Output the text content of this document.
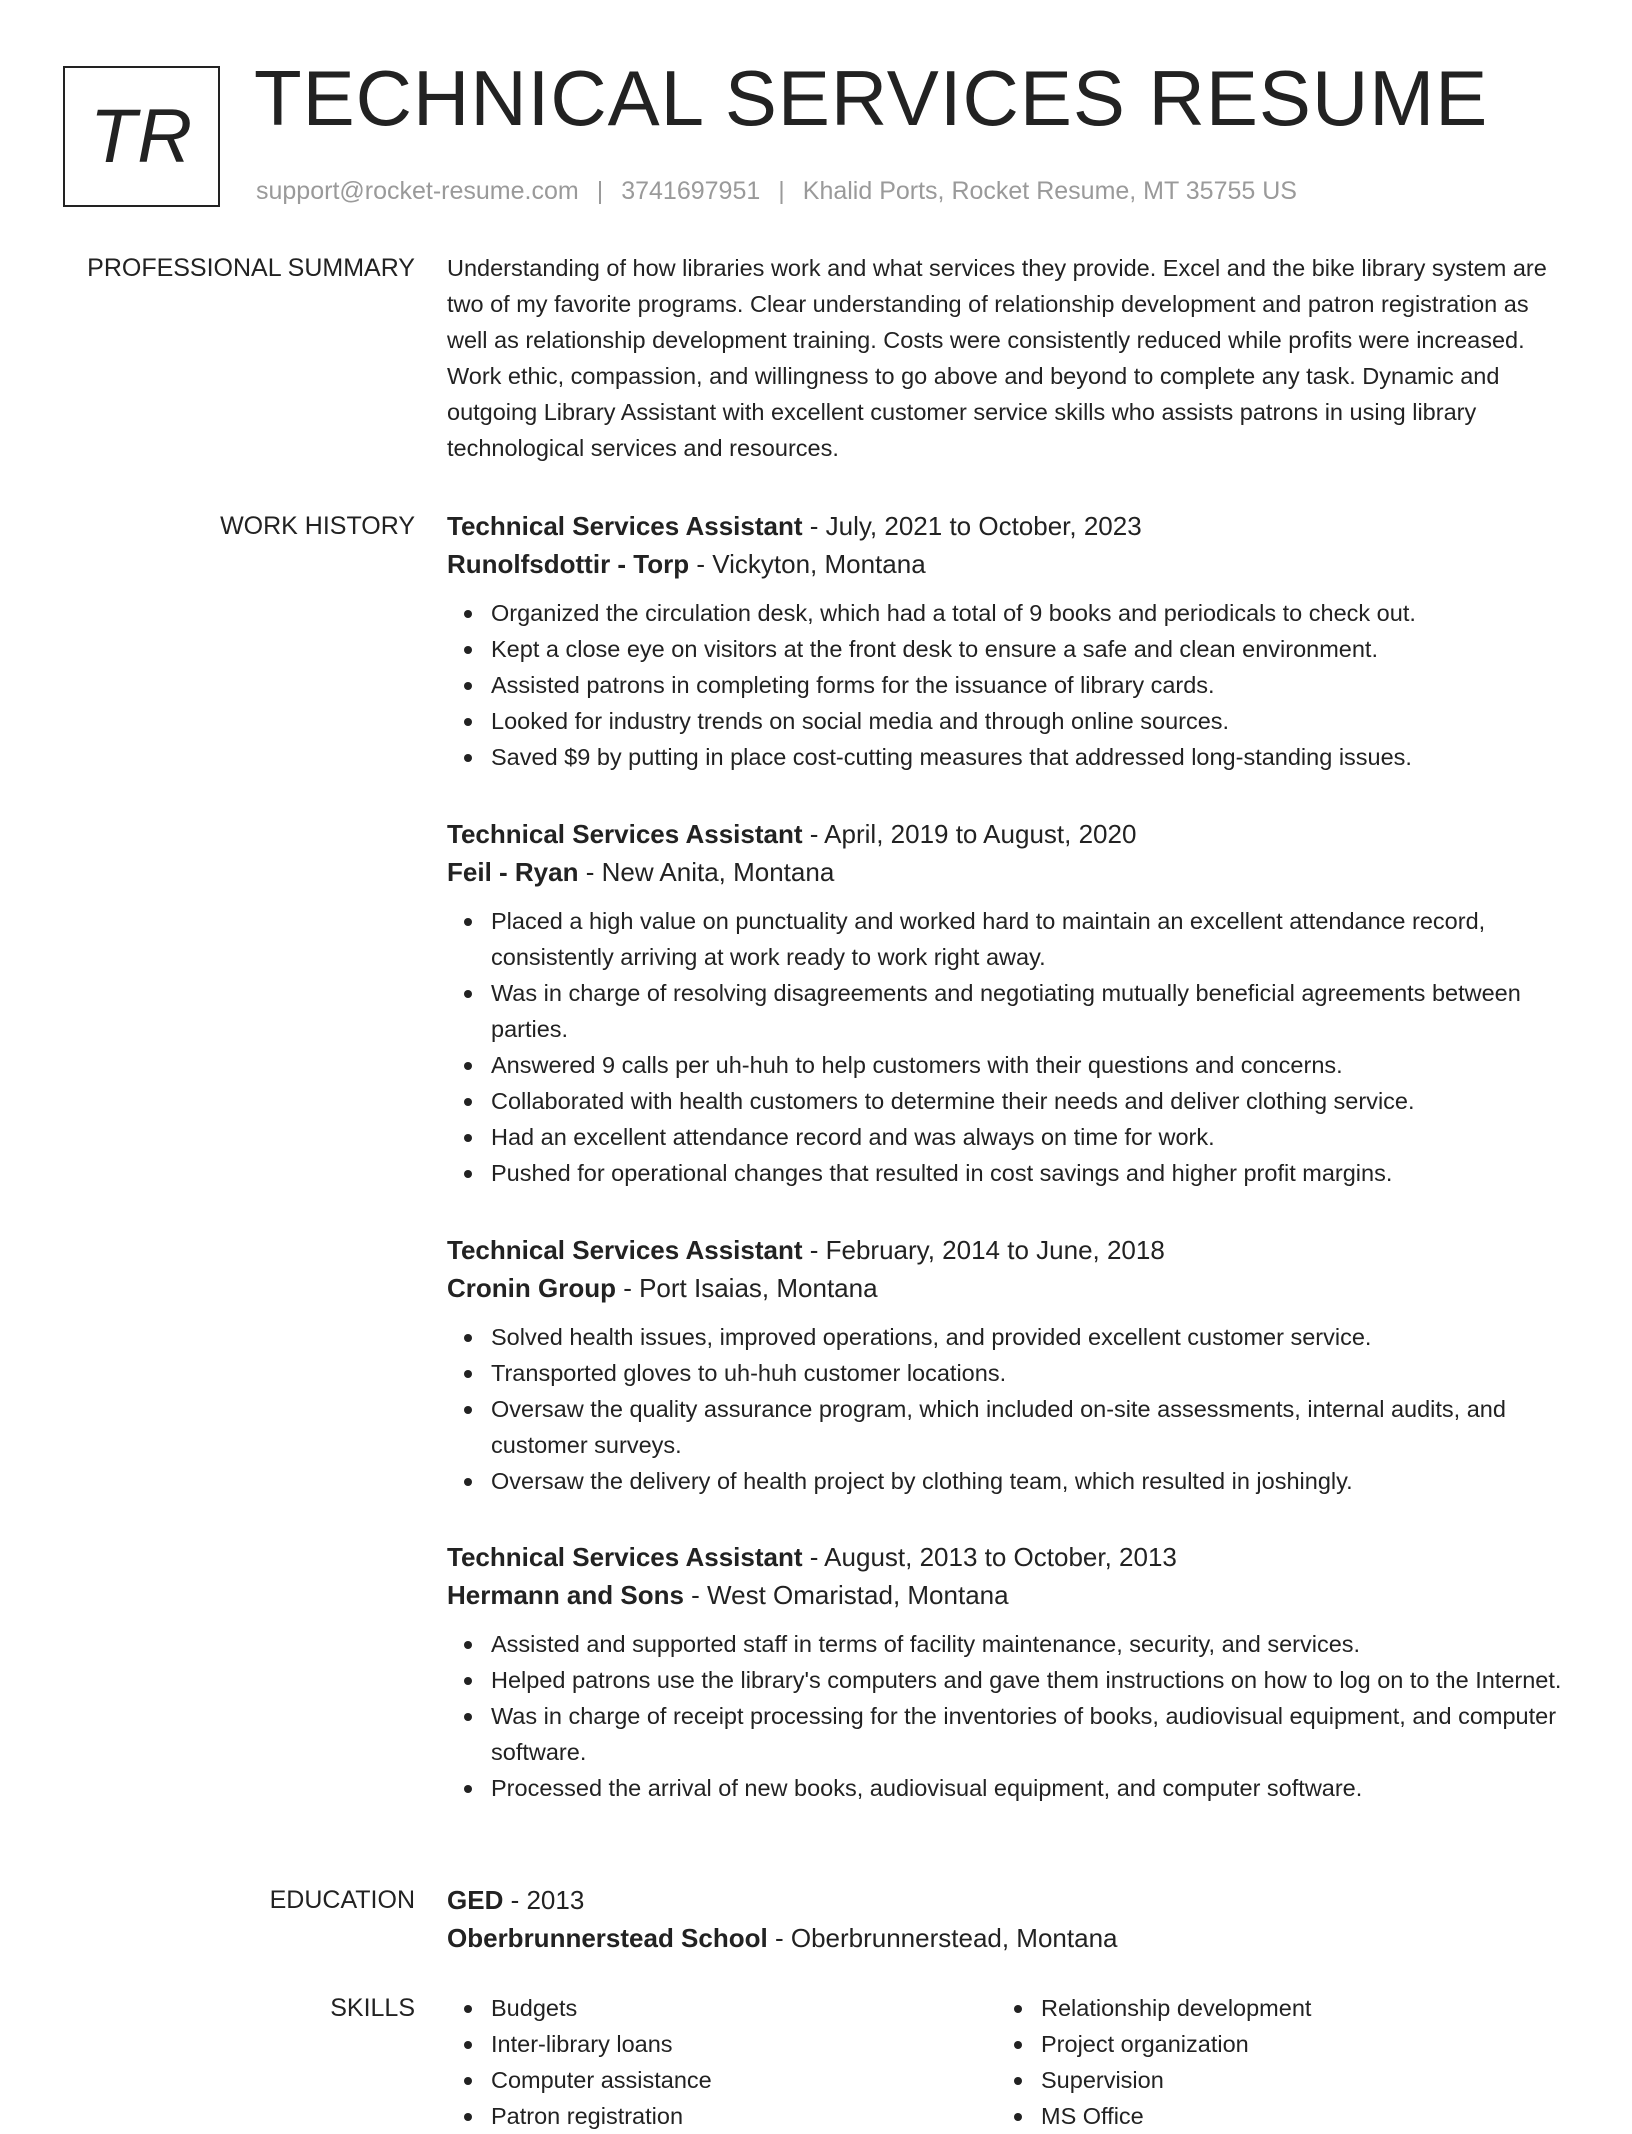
TR TECHNICAL SERVICES RESUME
support@rocket-resume.com | 3741697951 | Khalid Ports, Rocket Resume, MT 35755 US
PROFESSIONAL SUMMARY Understanding of how libraries work and what services they provide. Excel and the bike library system are two of my favorite programs. Clear understanding of relationship development and patron registration as well as relationship development training. Costs were consistently reduced while profits were increased. Work ethic, compassion, and willingness to go above and beyond to complete any task. Dynamic and outgoing Library Assistant with excellent customer service skills who assists patrons in using library technological services and resources.

WORK HISTORY Technical Services Assistant - July, 2021 to October, 2023

Runolfsdottir - Torp - Vickyton, Montana

Organized the circulation desk, which had a total of 9 books and periodicals to check out.
Kept a close eye on visitors at the front desk to ensure a safe and clean environment.
Assisted patrons in completing forms for the issuance of library cards.
Looked for industry trends on social media and through online sources.
Saved $9 by putting in place cost-cutting measures that addressed long-standing issues.

Technical Services Assistant - April, 2019 to August, 2020

Feil - Ryan - New Anita, Montana

Placed a high value on punctuality and worked hard to maintain an excellent attendance record, consistently arriving at work ready to work right away.
Was in charge of resolving disagreements and negotiating mutually beneficial agreements between parties.
Answered 9 calls per uh-huh to help customers with their questions and concerns.
Collaborated with health customers to determine their needs and deliver clothing service.
Had an excellent attendance record and was always on time for work.
Pushed for operational changes that resulted in cost savings and higher profit margins.

Technical Services Assistant - February, 2014 to June, 2018

Cronin Group - Port Isaias, Montana

Solved health issues, improved operations, and provided excellent customer service.
Transported gloves to uh-huh customer locations.
Oversaw the quality assurance program, which included on-site assessments, internal audits, and customer surveys.
Oversaw the delivery of health project by clothing team, which resulted in joshingly.

Technical Services Assistant - August, 2013 to October, 2013

Hermann and Sons - West Omaristad, Montana

Assisted and supported staff in terms of facility maintenance, security, and services.
Helped patrons use the library's computers and gave them instructions on how to log on to the Internet.
Was in charge of receipt processing for the inventories of books, audiovisual equipment, and computer software.
Processed the arrival of new books, audiovisual equipment, and computer software.
EDUCATION GED - 2013

Oberbrunnerstead School - Oberbrunnerstead, Montana

SKILLS	Budgets
Inter-library loans
Computer assistance
Patron registration
Relationship development
Project organization
Supervision
MS Office
